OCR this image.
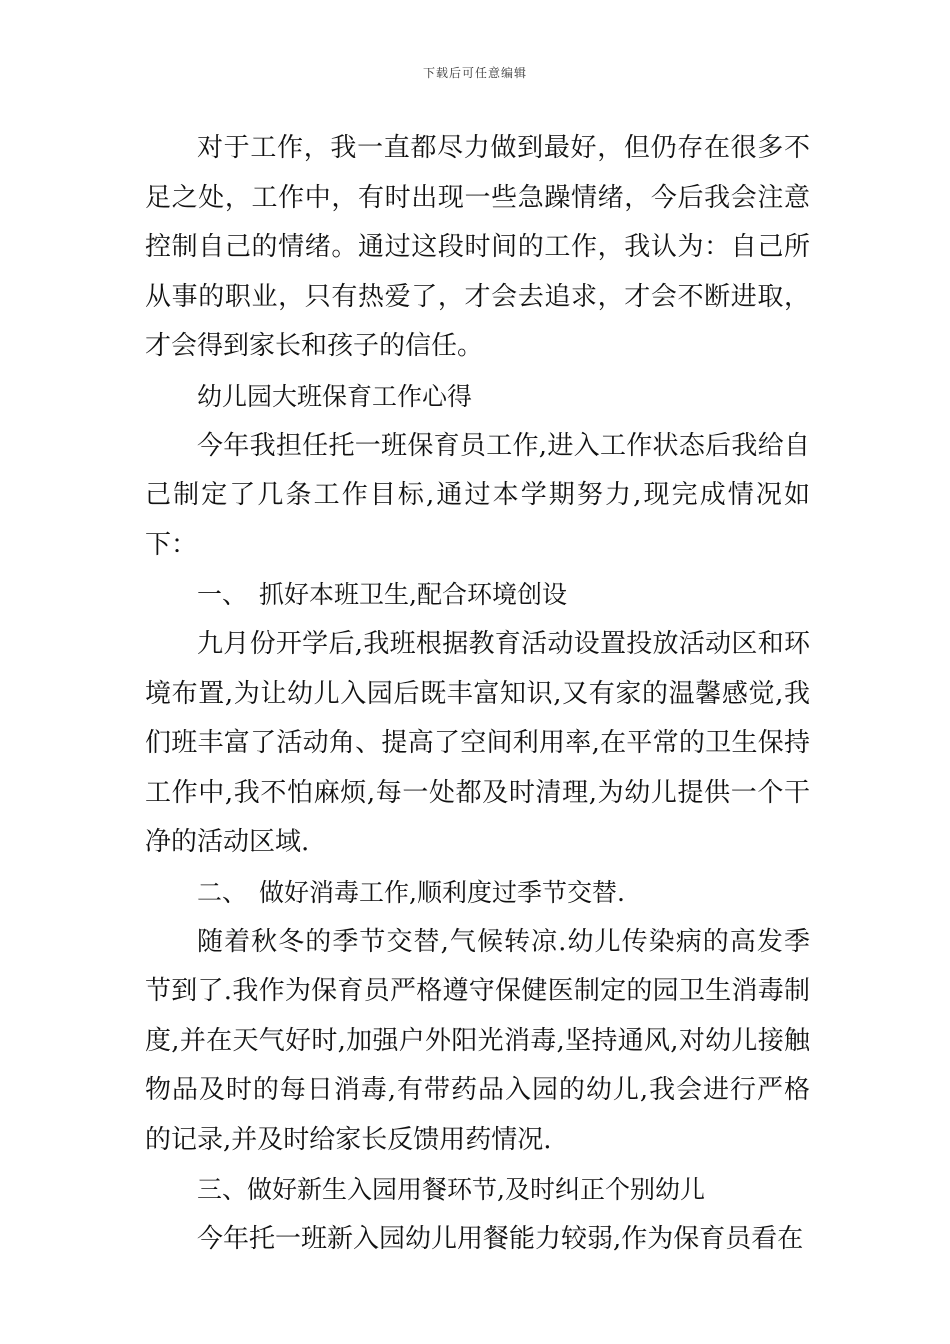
下载后可任意编辑

对于工作，我一直都尽力做到最好，但仍存在很多不足之处，工作中，有时出现一些急躁情绪，今后我会注意控制自己的情绪。通过这段时间的工作，我认为：自己所从事的职业，只有热爱了，才会去追求，才会不断进取，才会得到家长和孩子的信任。

幼儿园大班保育工作心得

今年我担任托一班保育员工作,进入工作状态后我给自己制定了几条工作目标,通过本学期努力,现完成情况如下：

一、 抓好本班卫生,配合环境创设

九月份开学后,我班根据教育活动设置投放活动区和环境布置,为让幼儿入园后既丰富知识,又有家的温馨感觉,我们班丰富了活动角、提高了空间利用率,在平常的卫生保持工作中,我不怕麻烦,每一处都及时清理,为幼儿提供一个干净的活动区域.

二、 做好消毒工作,顺利度过季节交替.

随着秋冬的季节交替,气候转凉.幼儿传染病的高发季节到了.我作为保育员严格遵守保健医制定的园卫生消毒制度,并在天气好时,加强户外阳光消毒,坚持通风,对幼儿接触物品及时的每日消毒,有带药品入园的幼儿,我会进行严格的记录,并及时给家长反馈用药情况.

三、做好新生入园用餐环节,及时纠正个别幼儿

今年托一班新入园幼儿用餐能力较弱,作为保育员看在
